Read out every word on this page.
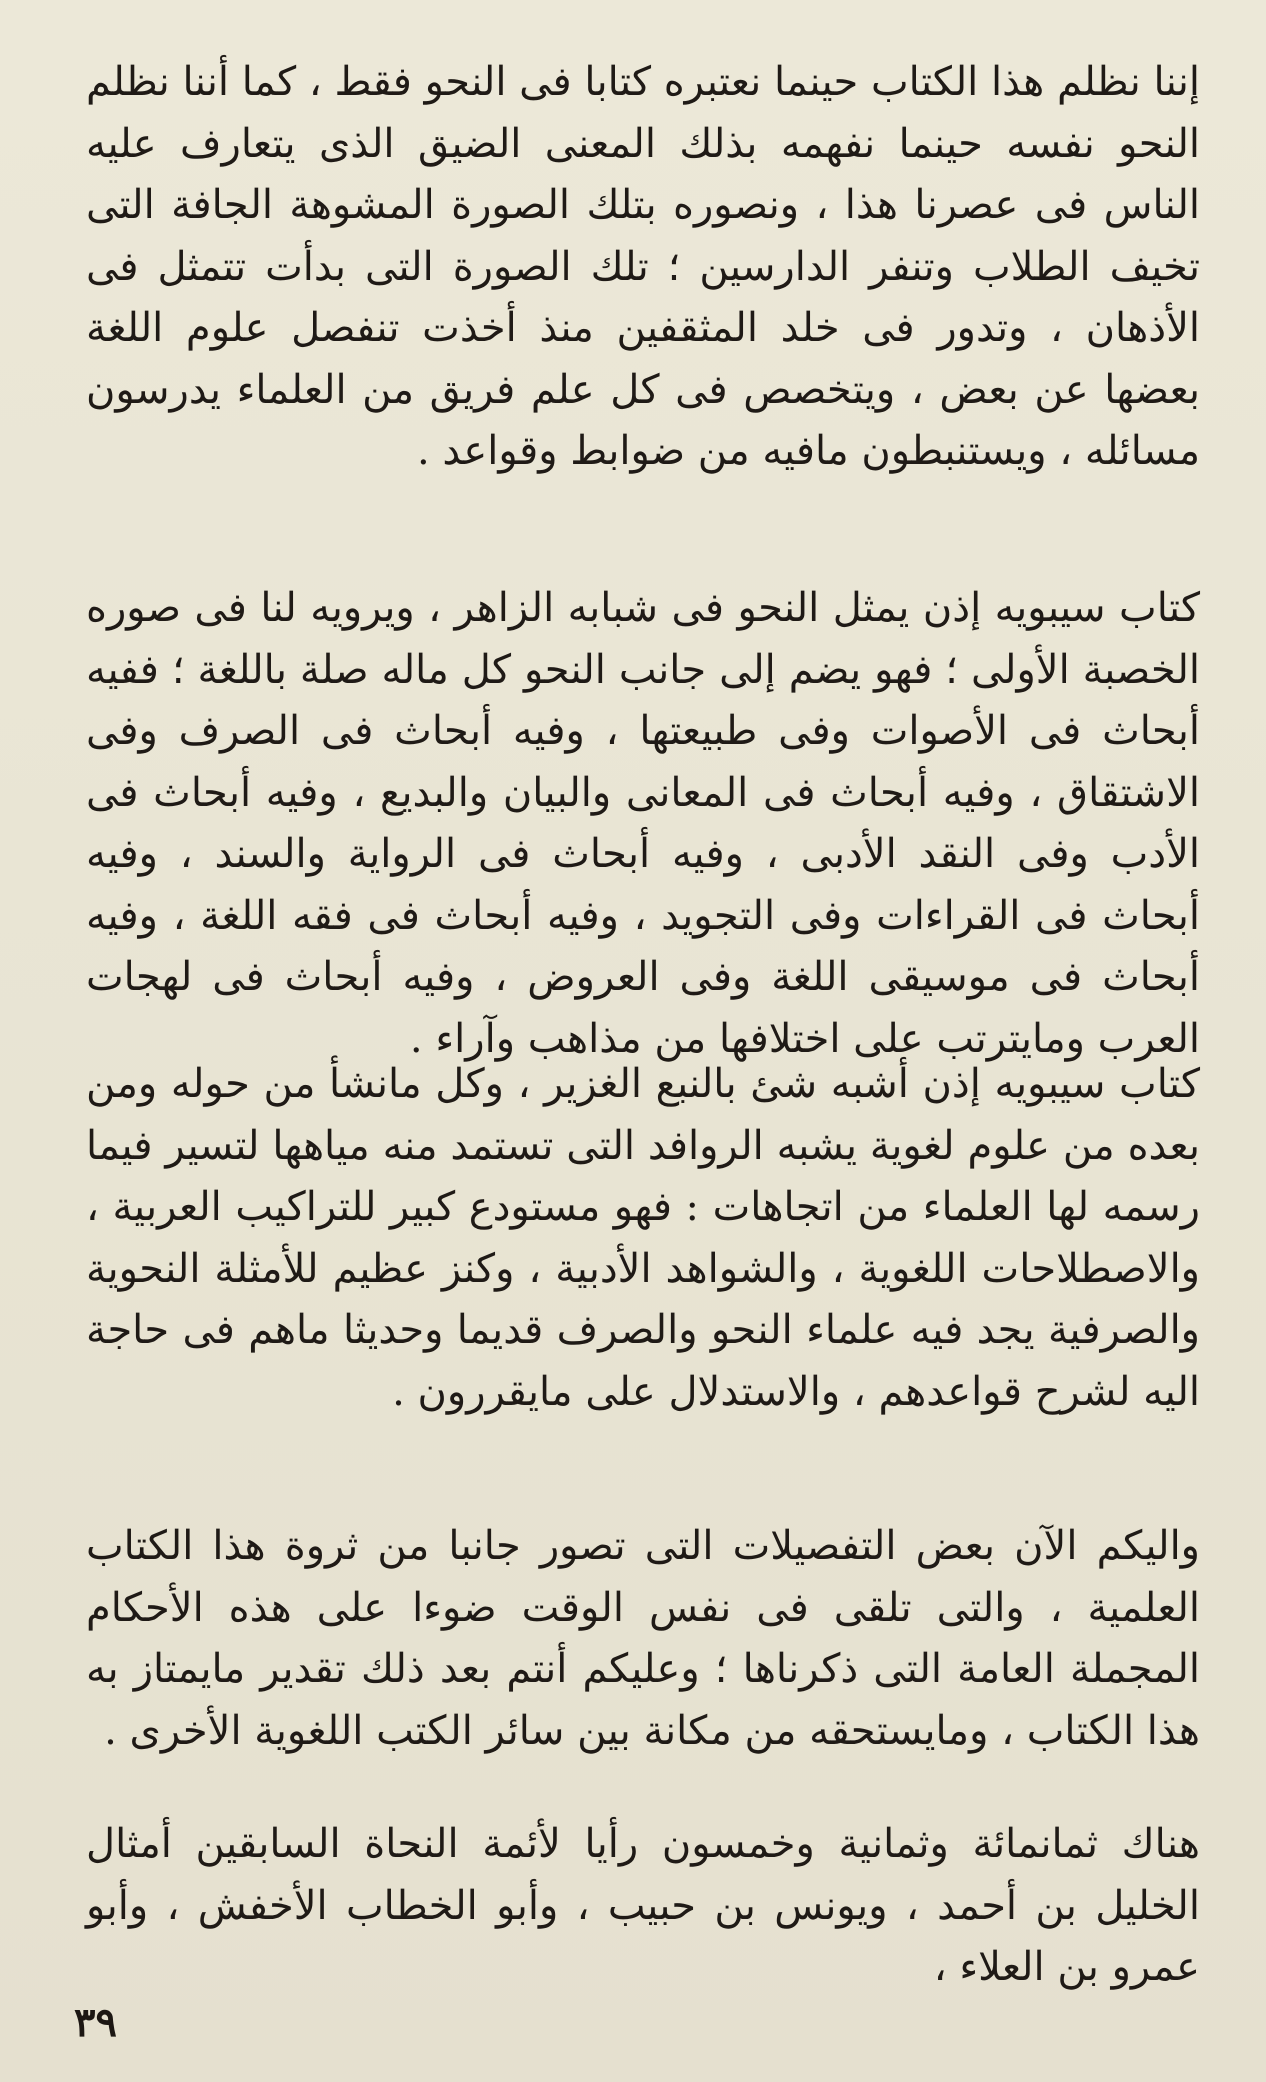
إننا نظلم هذا الكتاب حينما نعتبره كتابا فى النحو فقط ، كما أننا نظلم النحو نفسه حينما نفهمه بذلك المعنى الضيق الذى يتعارف عليه الناس فى عصرنا هذا ، ونصوره بتلك الصورة المشوهة الجافة التى تخيف الطلاب وتنفر الدارسين ؛ تلك الصورة التى بدأت تتمثل فى الأذهان ، وتدور فى خلد المثقفين منذ أخذت تنفصل علوم اللغة بعضها عن بعض ، ويتخصص فى كل علم فريق من العلماء يدرسون مسائله ، ويستنبطون مافيه من ضوابط وقواعد .

كتاب سيبويه إذن يمثل النحو فى شبابه الزاهر ، ويرويه لنا فى صوره الخصبة الأولى ؛ فهو يضم إلى جانب النحو كل ماله صلة باللغة ؛ ففيه أبحاث فى الأصوات وفى طبيعتها ، وفيه أبحاث فى الصرف وفى الاشتقاق ، وفيه أبحاث فى المعانى والبيان والبديع ، وفيه أبحاث فى الأدب وفى النقد الأدبى ، وفيه أبحاث فى الرواية والسند ، وفيه أبحاث فى القراءات وفى التجويد ، وفيه أبحاث فى فقه اللغة ، وفيه أبحاث فى موسيقى اللغة وفى العروض ، وفيه أبحاث فى لهجات العرب ومايترتب على اختلافها من مذاهب وآراء .

كتاب سيبويه إذن أشبه شئ بالنبع الغزير ، وكل مانشأ من حوله ومن بعده من علوم لغوية يشبه الروافد التى تستمد منه مياهها لتسير فيما رسمه لها العلماء من اتجاهات : فهو مستودع كبير للتراكيب العربية ، والاصطلاحات اللغوية ، والشواهد الأدبية ، وكنز عظيم للأمثلة النحوية والصرفية يجد فيه علماء النحو والصرف قديما وحديثا ماهم فى حاجة اليه لشرح قواعدهم ، والاستدلال على مايقررون .

واليكم الآن بعض التفصيلات التى تصور جانبا من ثروة هذا الكتاب العلمية ، والتى تلقى فى نفس الوقت ضوءا على هذه الأحكام المجملة العامة التى ذكرناها ؛ وعليكم أنتم بعد ذلك تقدير مايمتاز به هذا الكتاب ، ومايستحقه من مكانة بين سائر الكتب اللغوية الأخرى .

هناك ثمانمائة وثمانية وخمسون رأيا لأئمة النحاة السابقين أمثال الخليل بن أحمد ، ويونس بن حبيب ، وأبو الخطاب الأخفش ، وأبو عمرو بن العلاء ،

٣٩
